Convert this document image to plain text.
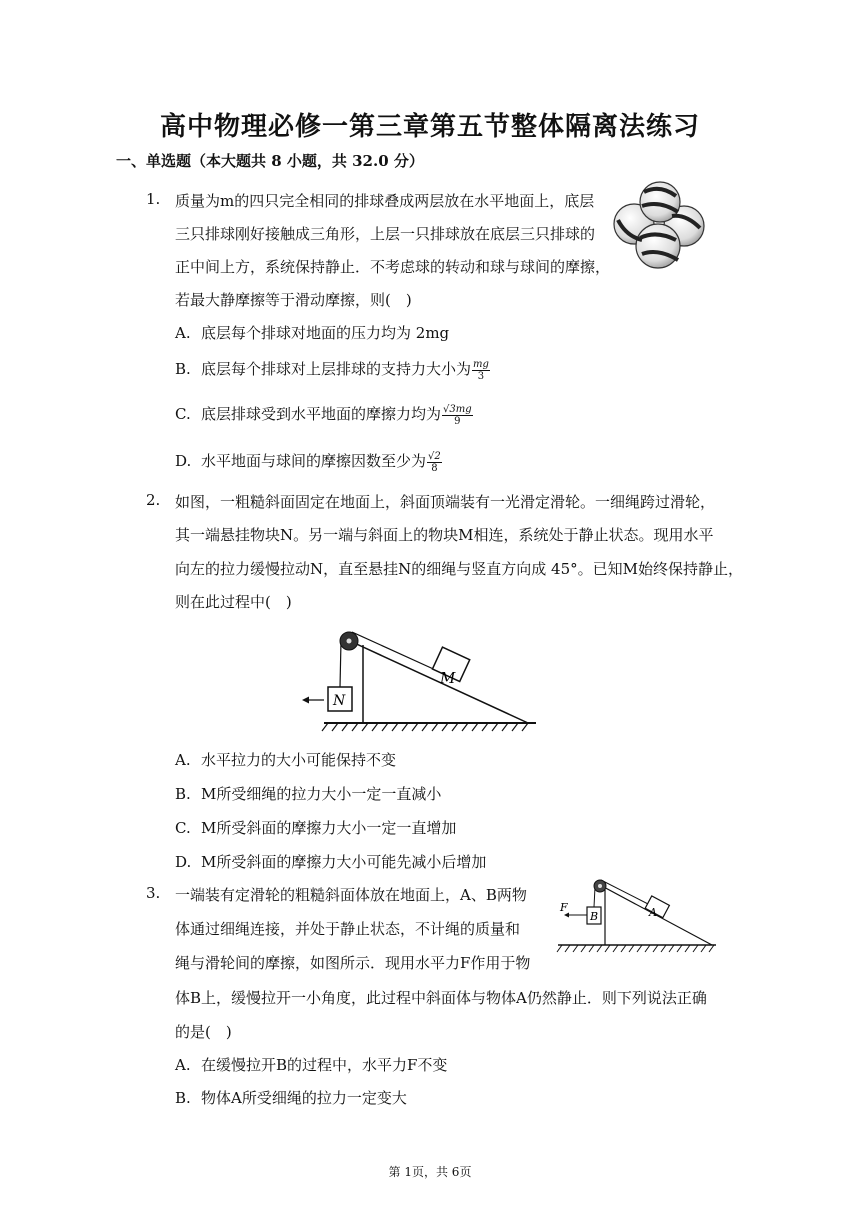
高中物理必修一第三章第五节整体隔离法练习
一、单选题（本大题共 8 小题，共 32.0 分）
1. 质量为m的四只完全相同的排球叠成两层放在水平地面上，底层
三只排球刚好接触成三角形，上层一只排球放在底层三只排球的
正中间上方，系统保持静止．不考虑球的转动和球与球间的摩擦，
若最大静摩擦等于滑动摩擦，则(　)
A. 底层每个排球对地面的压力均为 2mg
B. 底层每个排球对上层排球的支持力大小为 $\frac{mg}{3}$
C. 底层排球受到水平地面的摩擦力均为 $\frac{√3mg}{9}$
D. 水平地面与球间的摩擦因数至少为 $\frac{√2}{8}$
2. 如图，一粗糙斜面固定在地面上，斜面顶端装有一光滑定滑轮。一细绳跨过滑轮，
其一端悬挂物块N。另一端与斜面上的物块M相连，系统处于静止状态。现用水平
向左的拉力缓慢拉动N，直至悬挂N的细绳与竖直方向成 45°。已知M始终保持静止，
则在此过程中(　)
M
N
A. 水平拉力的大小可能保持不变
B. M所受细绳的拉力大小一定一直减小
C. M所受斜面的摩擦力大小一定一直增加
D. M所受斜面的摩擦力大小可能先减小后增加
3. 一端装有定滑轮的粗糙斜面体放在地面上，A、B两物
体通过细绳连接，并处于静止状态，不计绳的质量和
绳与滑轮间的摩擦，如图所示．现用水平力F作用于物
体B上，缓慢拉开一小角度，此过程中斜面体与物体A仍然静止．则下列说法正确
的是(　)
A
B
F
A. 在缓慢拉开B的过程中，水平力F不变
B. 物体A所受细绳的拉力一定变大
第 1页，共 6页
